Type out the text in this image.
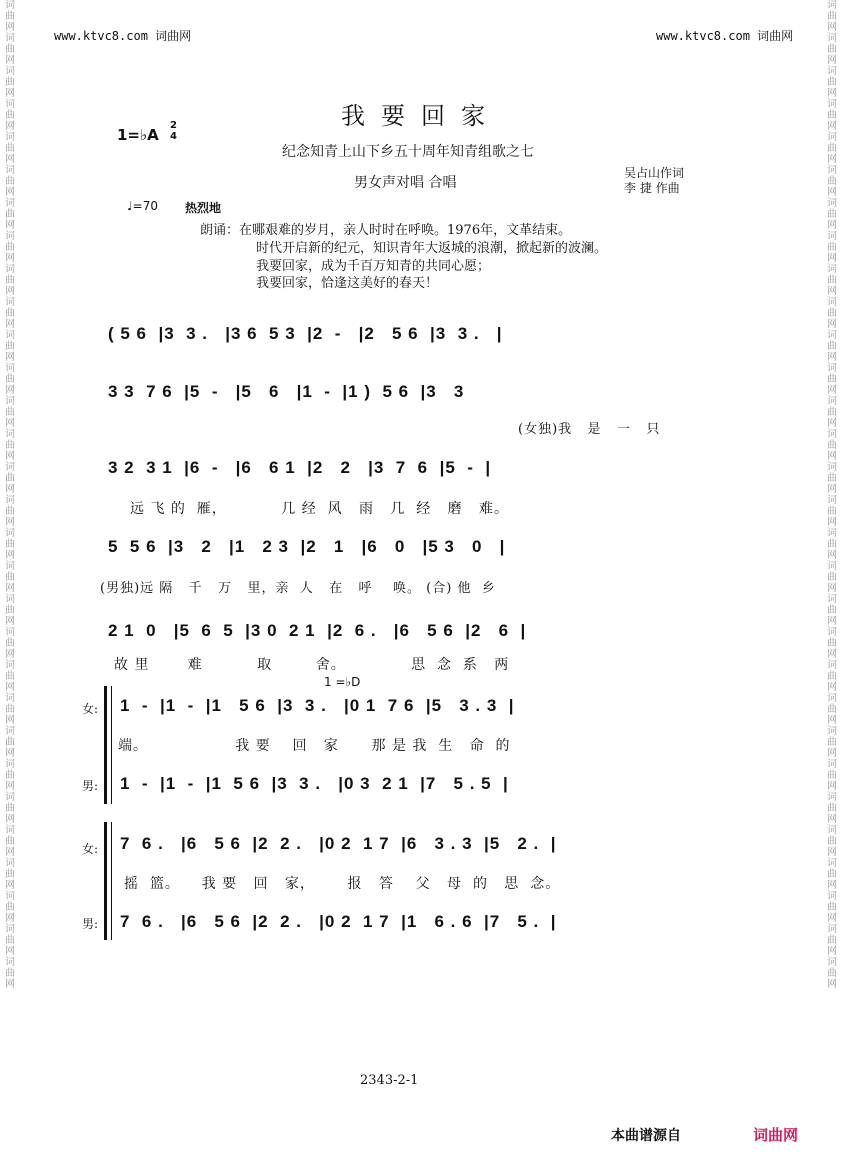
词曲网词曲网词曲网词曲网词曲网词曲网词曲网词曲网词曲网词曲网词曲网词曲网词曲网词曲网词曲网词曲网词曲网词曲网词曲网词曲网词曲网词曲网词曲网词曲网词曲网词曲网词曲网词曲网词曲网词曲网
词曲网词曲网词曲网词曲网词曲网词曲网词曲网词曲网词曲网词曲网词曲网词曲网词曲网词曲网词曲网词曲网词曲网词曲网词曲网词曲网词曲网词曲网词曲网词曲网词曲网词曲网词曲网词曲网词曲网词曲网
www.ktvc8.com 词曲网	www.ktvc8.com 词曲网
我要回家
1=♭A
2
4
纪念知青上山下乡五十周年知青组歌之七
男女声对唱 合唱
吴占山作词
李 捷 作曲
♩=70 热烈地
朗诵：在哪艰难的岁月，亲人时时在呼唤。1976年，文革结束。
时代开启新的纪元，知识青年大返城的浪潮，掀起新的波澜。
我要回家，成为千百万知青的共同心愿；
我要回家，恰逢这美好的春天！
( 5 6  |3  3 .   |3 6  5 3  |2  -   |2   5 6  |3  3 .   |
3 3  7 6  |5  -   |5   6   |1  -  |1 )  5 6  |3   3
(女独)我   是   一   只
3 2  3 1  |6  -   |6   6 1  |2   2   |3  7  6  |5  -  |
远 飞 的  雁，          几 经  风   雨   几  经   磨   难。
5  5 6  |3   2   |1   2 3  |2   1   |6   0   |5 3   0   |
(男独)远 隔   千   万   里，亲  人   在   呼    唤。 (合) 他  乡
2 1  0   |5  6  5  |3 0  2 1  |2  6 .   |6   5 6  |2   6  |
故 里       难          取        舍。            思  念  系   两
1 =♭D
女: 1  -  |1  -  |1   5 6  |3  3 .   |0 1  7 6  |5   3 . 3  |
端。                我 要    回   家      那 是 我  生   命  的
男: 1  -  |1  -  |1  5 6  |3  3 .   |0 3  2 1  |7   5 . 5  |
女: 7  6 .   |6   5 6  |2  2 .   |0 2  1 7  |6   3 . 3  |5   2 .  |
摇  篮。    我 要   回   家，      报   答    父   母  的   思  念。
男: 7  6 .   |6   5 6  |2  2 .   |0 2  1 7  |1   6 . 6  |7   5 .  |
2343-2-1
本曲谱源自	词曲网
